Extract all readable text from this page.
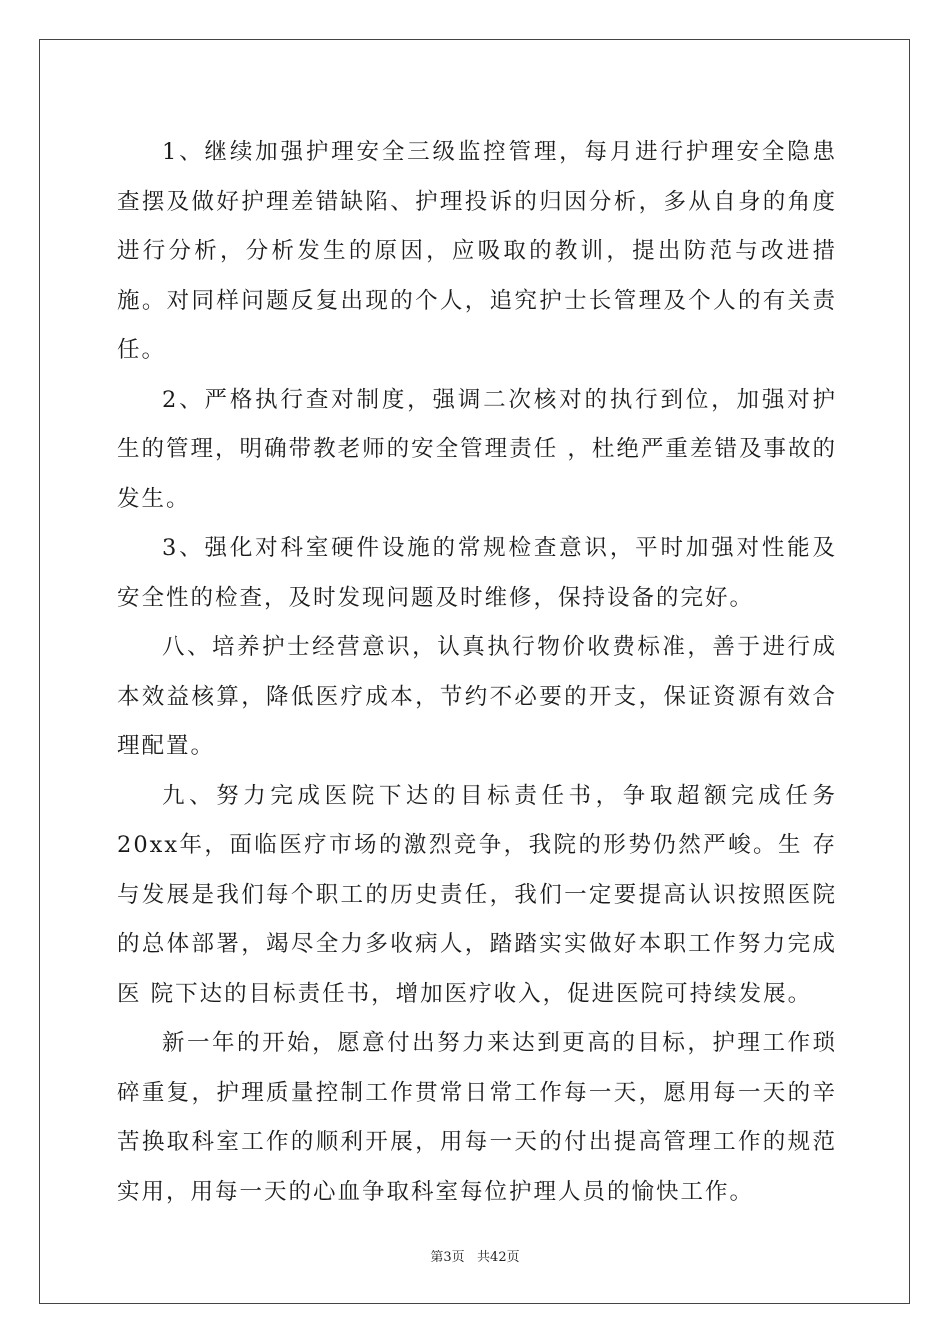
1、继续加强护理安全三级监控管理，每月进行护理安全隐患查摆及做好护理差错缺陷、护理投诉的归因分析，多从自身的角度进行分析，分析发生的原因，应吸取的教训，提出防范与改进措施。对同样问题反复出现的个人，追究护士长管理及个人的有关责任。

2、严格执行查对制度，强调二次核对的执行到位，加强对护生的管理，明确带教老师的安全管理责任 ，杜绝严重差错及事故的发生。

3、强化对科室硬件设施的常规检查意识，平时加强对性能及安全性的检查，及时发现问题及时维修，保持设备的完好。

八、培养护士经营意识，认真执行物价收费标准，善于进行成本效益核算，降低医疗成本，节约不必要的开支，保证资源有效合理配置。

九、努力完成医院下达的目标责任书，争取超额完成任务 20xx年，面临医疗市场的激烈竞争，我院的形势仍然严峻。生 存与发展是我们每个职工的历史责任，我们一定要提高认识按照医院 的总体部署，竭尽全力多收病人，踏踏实实做好本职工作努力完成医 院下达的目标责任书，增加医疗收入，促进医院可持续发展。

新一年的开始，愿意付出努力来达到更高的目标，护理工作琐碎重复，护理质量控制工作贯常日常工作每一天，愿用每一天的辛苦换取科室工作的顺利开展，用每一天的付出提高管理工作的规范实用，用每一天的心血争取科室每位护理人员的愉快工作。

第3页   共42页
